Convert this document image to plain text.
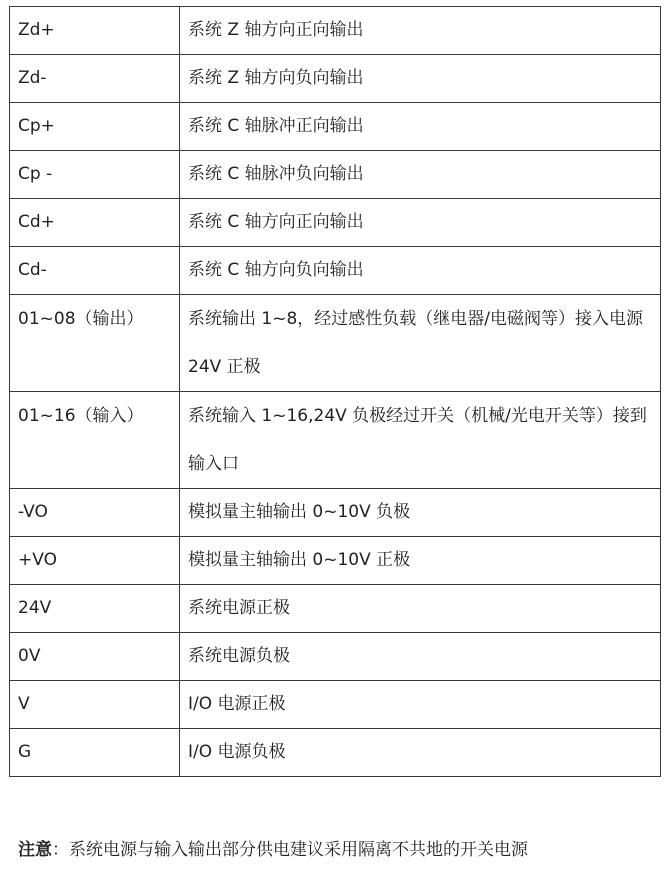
Zd+	系统 Z 轴方向正向输出
Zd-	系统 Z 轴方向负向输出
Cp+	系统 C 轴脉冲正向输出
Cp -	系统 C 轴脉冲负向输出
Cd+	系统 C 轴方向正向输出
Cd-	系统 C 轴方向负向输出
01~08（输出）	系统输出 1~8，经过感性负载（继电器/电磁阀等）接入电源 24V 正极
01~16（输入）	系统输入 1~16,24V 负极经过开关（机械/光电开关等）接到输入口
-VO	模拟量主轴输出 0~10V 负极
+VO	模拟量主轴输出 0~10V 正极
24V	系统电源正极
0V	系统电源负极
V	I/O 电源正极
G	I/O 电源负极
注意：系统电源与输入输出部分供电建议采用隔离不共地的开关电源
